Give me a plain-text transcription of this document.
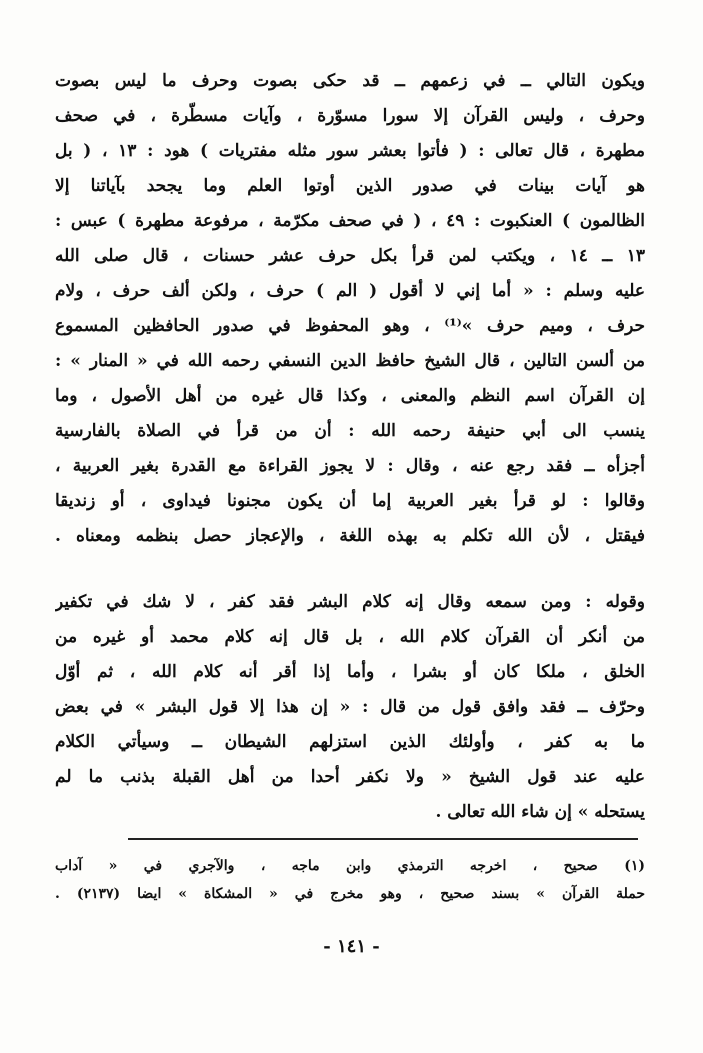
ويكون التالي ــ في زعمهم ــ قد حكى بصوت وحرف ما ليس بصوت
وحرف ، وليس القرآن إلا سورا مسوّرة ، وآيات مسطّرة ، في صحف
مطهرة ، قال تعالى : ( فأتوا بعشر سور مثله مفتريات ) هود : ١٣ ، ( بل
هو آيات بينات في صدور الذين أوتوا العلم وما يجحد بآياتنا إلا
الظالمون ) العنكبوت : ٤٩ ، ( في صحف مكرّمة ، مرفوعة مطهرة ) عبس :
١٣ ــ ١٤ ، ويكتب لمن قرأ بكل حرف عشر حسنات ، قال صلى الله
عليه وسلم : « أما إني لا أقول ( الم ) حرف ، ولكن ألف حرف ، ولام
حرف ، وميم حرف »⁽¹⁾ ، وهو المحفوظ في صدور الحافظين المسموع
من ألسن التالين ، قال الشيخ حافظ الدين النسفي رحمه الله في « المنار » :
إن القرآن اسم النظم والمعنى ، وكذا قال غيره من أهل الأصول ، وما
ينسب الى أبي حنيفة رحمه الله : أن من قرأ في الصلاة بالفارسية
أجزأه ــ فقد رجع عنه ، وقال : لا يجوز القراءة مع القدرة بغير العربية ،
وقالوا : لو قرأ بغير العربية إما أن يكون مجنونا فيداوى ، أو زنديقا
فيقتل ، لأن الله تكلم به بهذه اللغة ، والإعجاز حصل بنظمه ومعناه .
وقوله : ومن سمعه وقال إنه كلام البشر فقد كفر ، لا شك في تكفير
من أنكر أن القرآن كلام الله ، بل قال إنه كلام محمد أو غيره من
الخلق ، ملكا كان أو بشرا ، وأما إذا أقر أنه كلام الله ، ثم أوّل
وحرّف ــ فقد وافق قول من قال : « إن هذا إلا قول البشر » في بعض
ما به كفر ، وأولئك الذين استزلهم الشيطان ــ وسيأتي الكلام
عليه عند قول الشيخ « ولا نكفر أحدا من أهل القبلة بذنب ما لم
يستحله » إن شاء الله تعالى .
(١) صحيح ، اخرجه الترمذي وابن ماجه ، والآجري في « آداب
حملة القرآن » بسند صحيح ، وهو مخرج في « المشكاة » ايضا (٢١٣٧) .
- ١٤١ -
